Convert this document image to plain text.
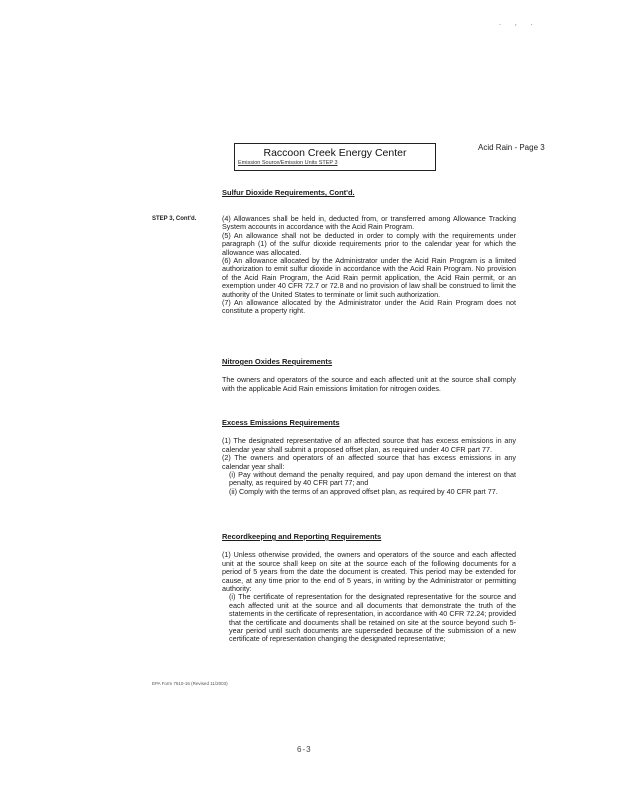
. , .
Raccoon Creek Energy Center
Emission Source/Emission Units STEP 3
Acid Rain - Page 3
STEP 3, Cont'd.
Sulfur Dioxide Requirements, Cont'd.

(4) Allowances shall be held in, deducted from, or transferred among Allowance Tracking System accounts in accordance with the Acid Rain Program.

(5) An allowance shall not be deducted in order to comply with the requirements under paragraph (1) of the sulfur dioxide requirements prior to the calendar year for which the allowance was allocated.

(6) An allowance allocated by the Administrator under the Acid Rain Program is a limited authorization to emit sulfur dioxide in accordance with the Acid Rain Program. No provision of the Acid Rain Program, the Acid Rain permit application, the Acid Rain permit, or an exemption under 40 CFR 72.7 or 72.8 and no provision of law shall be construed to limit the authority of the United States to terminate or limit such authorization.

(7) An allowance allocated by the Administrator under the Acid Rain Program does not constitute a property right.

Nitrogen Oxides Requirements

The owners and operators of the source and each affected unit at the source shall comply with the applicable Acid Rain emissions limitation for nitrogen oxides.

Excess Emissions Requirements

(1) The designated representative of an affected source that has excess emissions in any calendar year shall submit a proposed offset plan, as required under 40 CFR part 77.

(2) The owners and operators of an affected source that has excess emissions in any calendar year shall:

(i) Pay without demand the penalty required, and pay upon demand the interest on that penalty, as required by 40 CFR part 77; and

(ii) Comply with the terms of an approved offset plan, as required by 40 CFR part 77.

Recordkeeping and Reporting Requirements

(1) Unless otherwise provided, the owners and operators of the source and each affected unit at the source shall keep on site at the source each of the following documents for a period of 5 years from the date the document is created. This period may be extended for cause, at any time prior to the end of 5 years, in writing by the Administrator or permitting authority:

(i) The certificate of representation for the designated representative for the source and each affected unit at the source and all documents that demonstrate the truth of the statements in the certificate of representation, in accordance with 40 CFR 72.24; provided that the certificate and documents shall be retained on site at the source beyond such 5-year period until such documents are superseded because of the submission of a new certificate of representation changing the designated representative;

EPA Form 7610-16 (Revised 11/2003)
6-3
